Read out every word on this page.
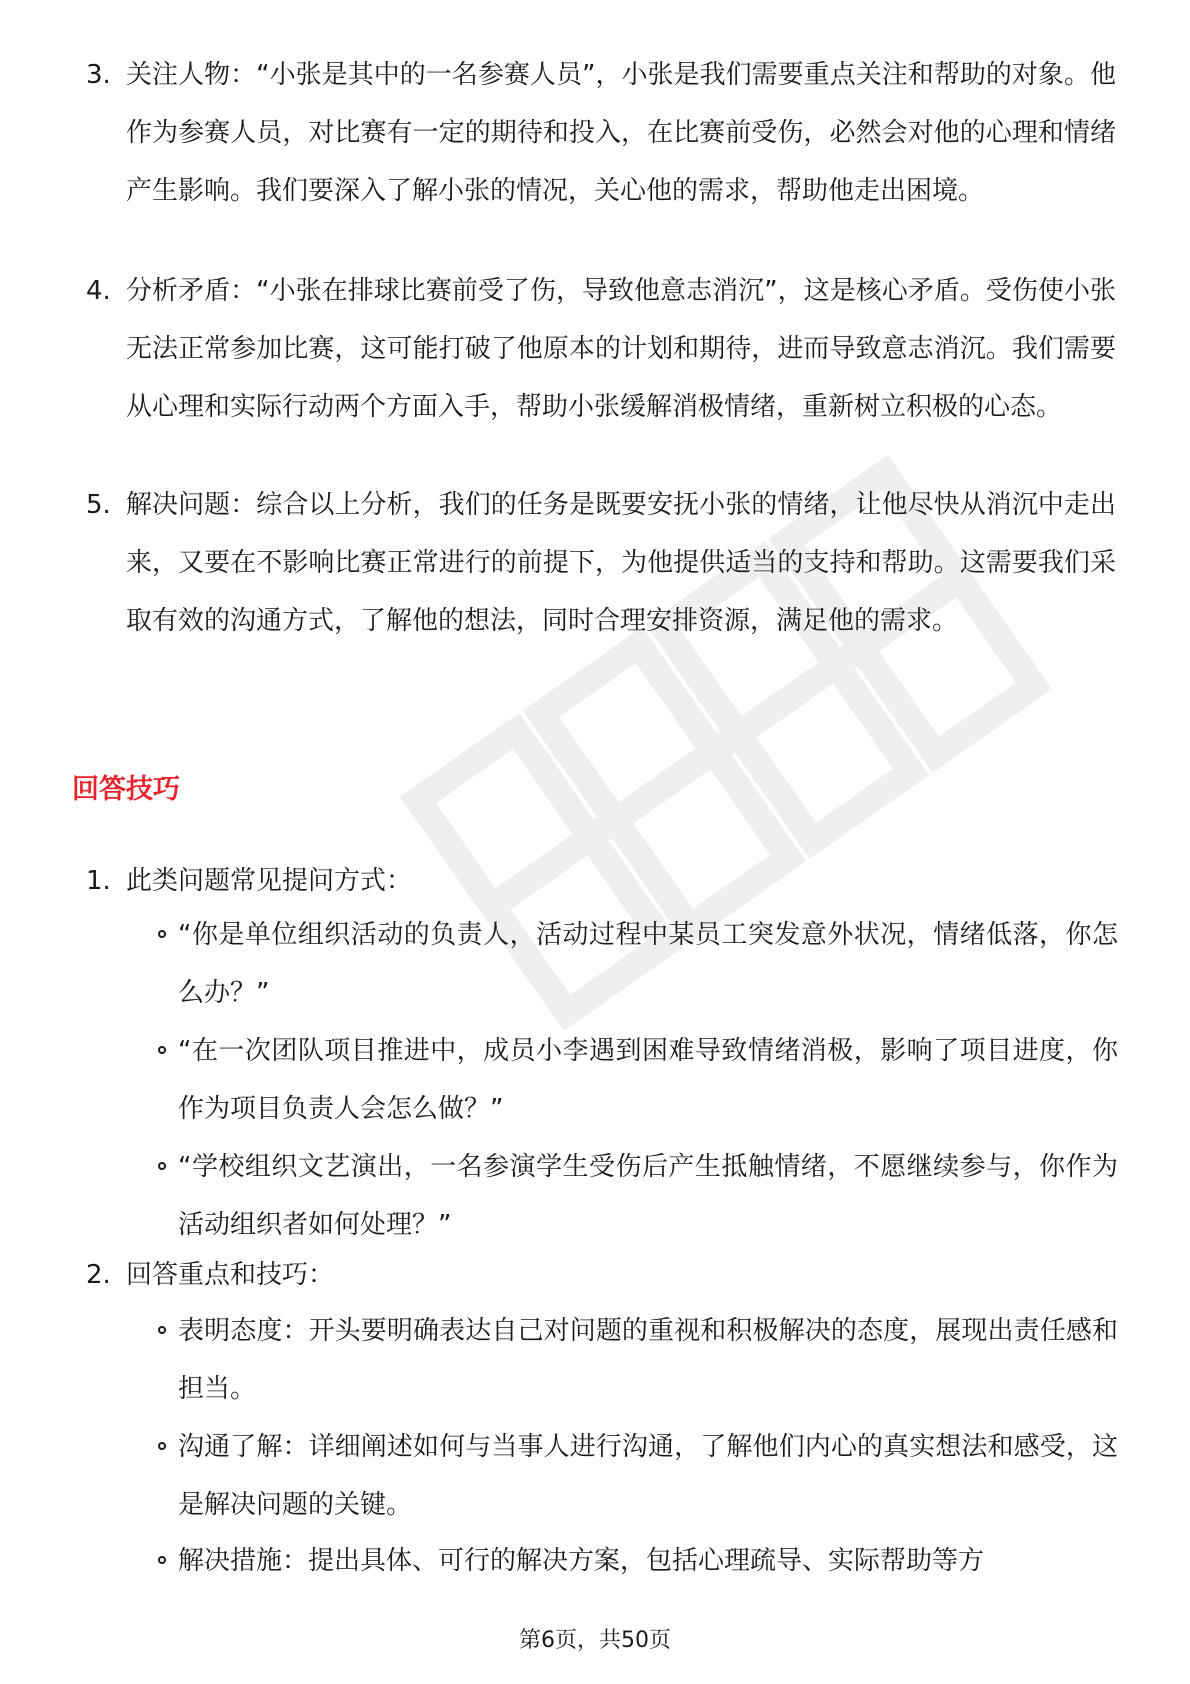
3. 关注人物：“小张是其中的一名参赛人员”，小张是我们需要重点关注和帮助的对象。他作为参赛人员，对比赛有一定的期待和投入，在比赛前受伤，必然会对他的心理和情绪产生影响。我们要深入了解小张的情况，关心他的需求，帮助他走出困境。
4. 分析矛盾：“小张在排球比赛前受了伤，导致他意志消沉”，这是核心矛盾。受伤使小张无法正常参加比赛，这可能打破了他原本的计划和期待，进而导致意志消沉。我们需要从心理和实际行动两个方面入手，帮助小张缓解消极情绪，重新树立积极的心态。
5. 解决问题：综合以上分析，我们的任务是既要安抚小张的情绪，让他尽快从消沉中走出来，又要在不影响比赛正常进行的前提下，为他提供适当的支持和帮助。这需要我们采取有效的沟通方式，了解他的想法，同时合理安排资源，满足他的需求。
回答技巧
1. 此类问题常见提问方式：
“你是单位组织活动的负责人，活动过程中某员工突发意外状况，情绪低落，你怎么办？”
“在一次团队项目推进中，成员小李遇到困难导致情绪消极，影响了项目进度，你作为项目负责人会怎么做？”
“学校组织文艺演出，一名参演学生受伤后产生抵触情绪，不愿继续参与，你作为活动组织者如何处理？”
2. 回答重点和技巧：
表明态度：开头要明确表达自己对问题的重视和积极解决的态度，展现出责任感和担当。
沟通了解：详细阐述如何与当事人进行沟通，了解他们内心的真实想法和感受，这是解决问题的关键。
解决措施：提出具体、可行的解决方案，包括心理疏导、实际帮助等方
第6页，共50页
